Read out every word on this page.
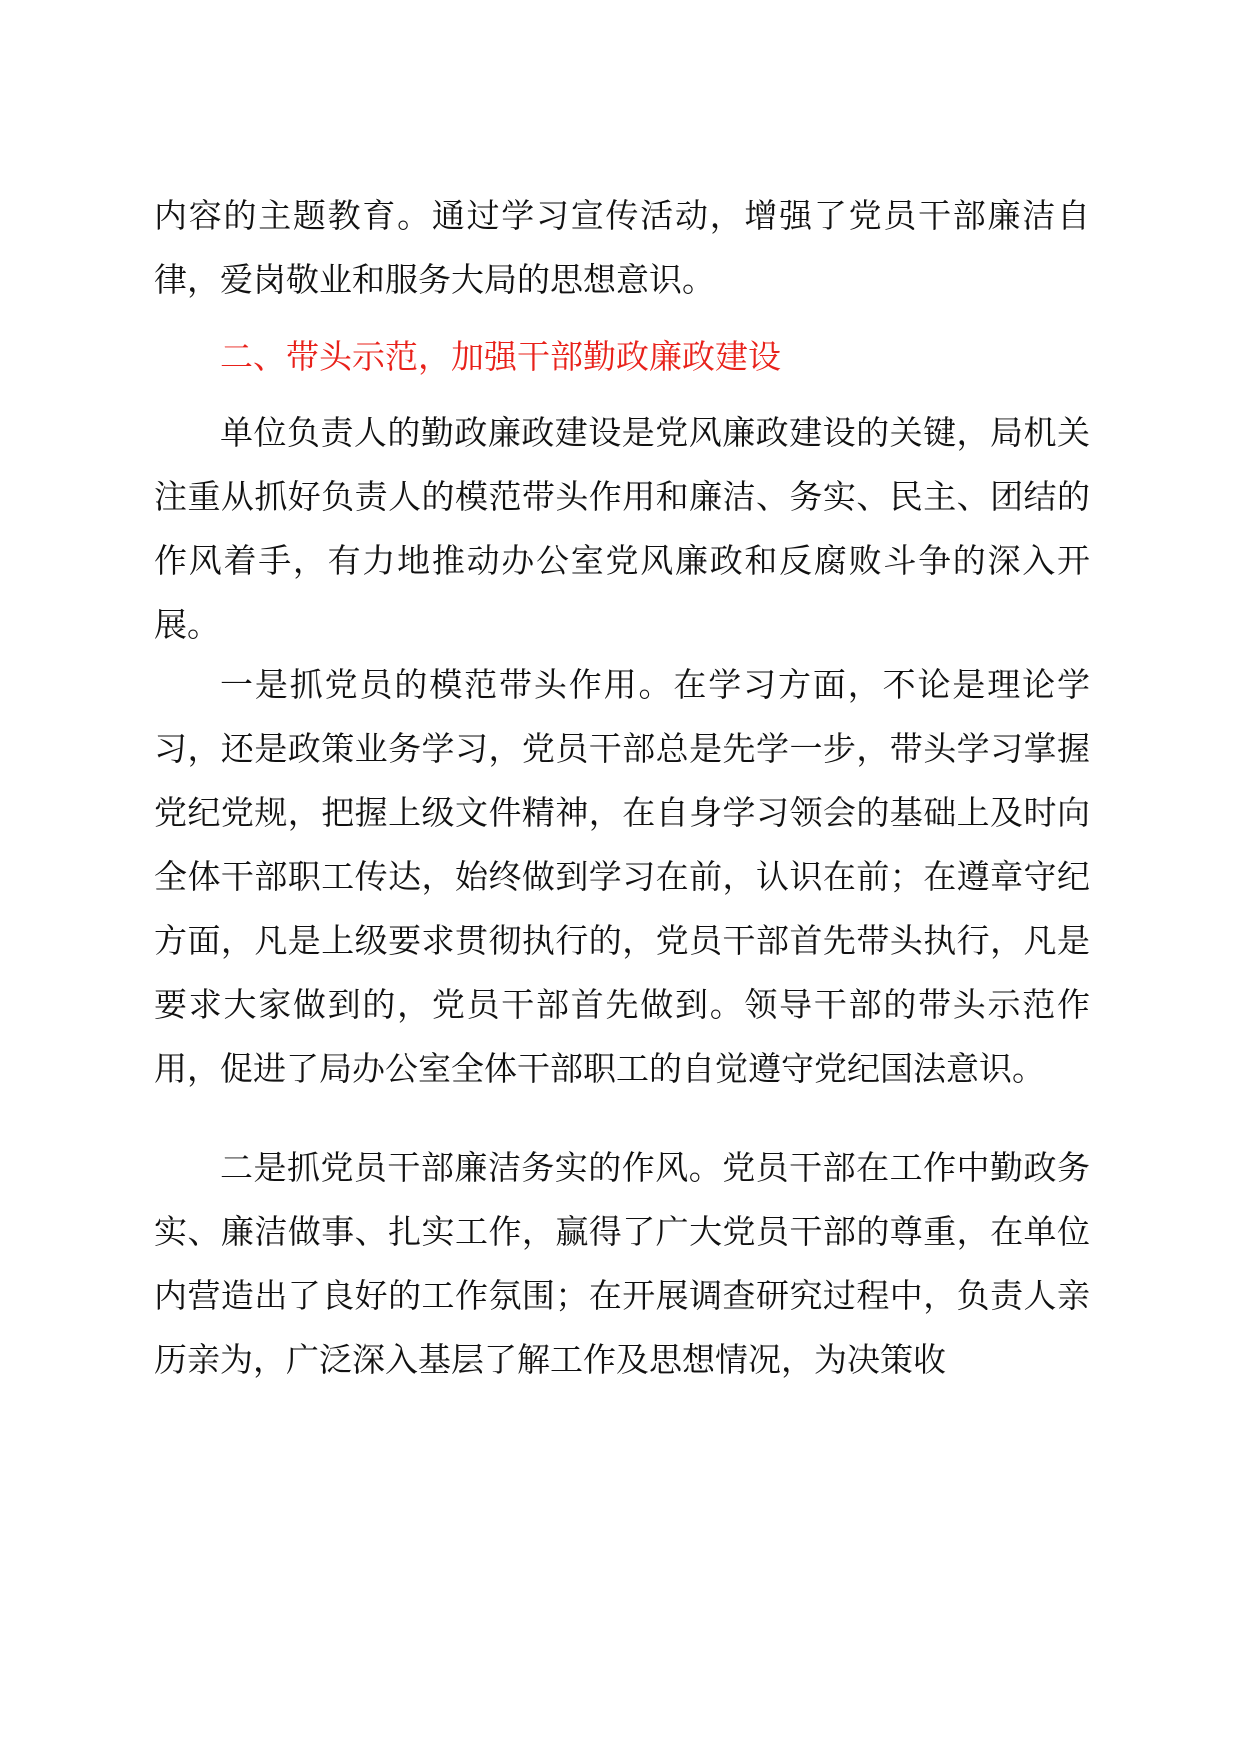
内容的主题教育。通过学习宣传活动，增强了党员干部廉洁自律，爱岗敬业和服务大局的思想意识。

二、带头示范，加强干部勤政廉政建设

单位负责人的勤政廉政建设是党风廉政建设的关键，局机关注重从抓好负责人的模范带头作用和廉洁、务实、民主、团结的作风着手，有力地推动办公室党风廉政和反腐败斗争的深入开展。

一是抓党员的模范带头作用。在学习方面，不论是理论学习，还是政策业务学习，党员干部总是先学一步，带头学习掌握党纪党规，把握上级文件精神，在自身学习领会的基础上及时向全体干部职工传达，始终做到学习在前，认识在前；在遵章守纪方面，凡是上级要求贯彻执行的，党员干部首先带头执行，凡是要求大家做到的，党员干部首先做到。领导干部的带头示范作用，促进了局办公室全体干部职工的自觉遵守党纪国法意识。

二是抓党员干部廉洁务实的作风。党员干部在工作中勤政务实、廉洁做事、扎实工作，赢得了广大党员干部的尊重，在单位内营造出了良好的工作氛围；在开展调查研究过程中，负责人亲历亲为，广泛深入基层了解工作及思想情况，为决策收
